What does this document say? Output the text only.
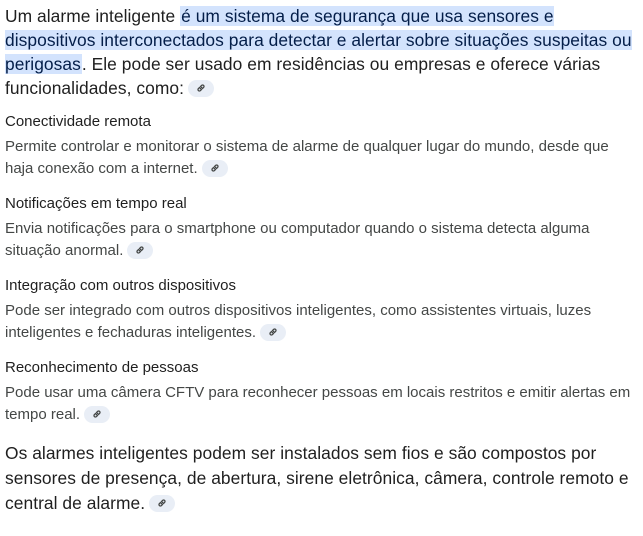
Um alarme inteligente é um sistema de segurança que usa sensores e dispositivos interconectados para detectar e alertar sobre situações suspeitas ou perigosas. Ele pode ser usado em residências ou empresas e oferece várias funcionalidades, como:

Conectividade remota

Permite controlar e monitorar o sistema de alarme de qualquer lugar do mundo, desde que haja conexão com a internet.

Notificações em tempo real

Envia notificações para o smartphone ou computador quando o sistema detecta alguma situação anormal.

Integração com outros dispositivos

Pode ser integrado com outros dispositivos inteligentes, como assistentes virtuais, luzes inteligentes e fechaduras inteligentes.

Reconhecimento de pessoas

Pode usar uma câmera CFTV para reconhecer pessoas em locais restritos e emitir alertas em tempo real.

Os alarmes inteligentes podem ser instalados sem fios e são compostos por sensores de presença, de abertura, sirene eletrônica, câmera, controle remoto e central de alarme.
